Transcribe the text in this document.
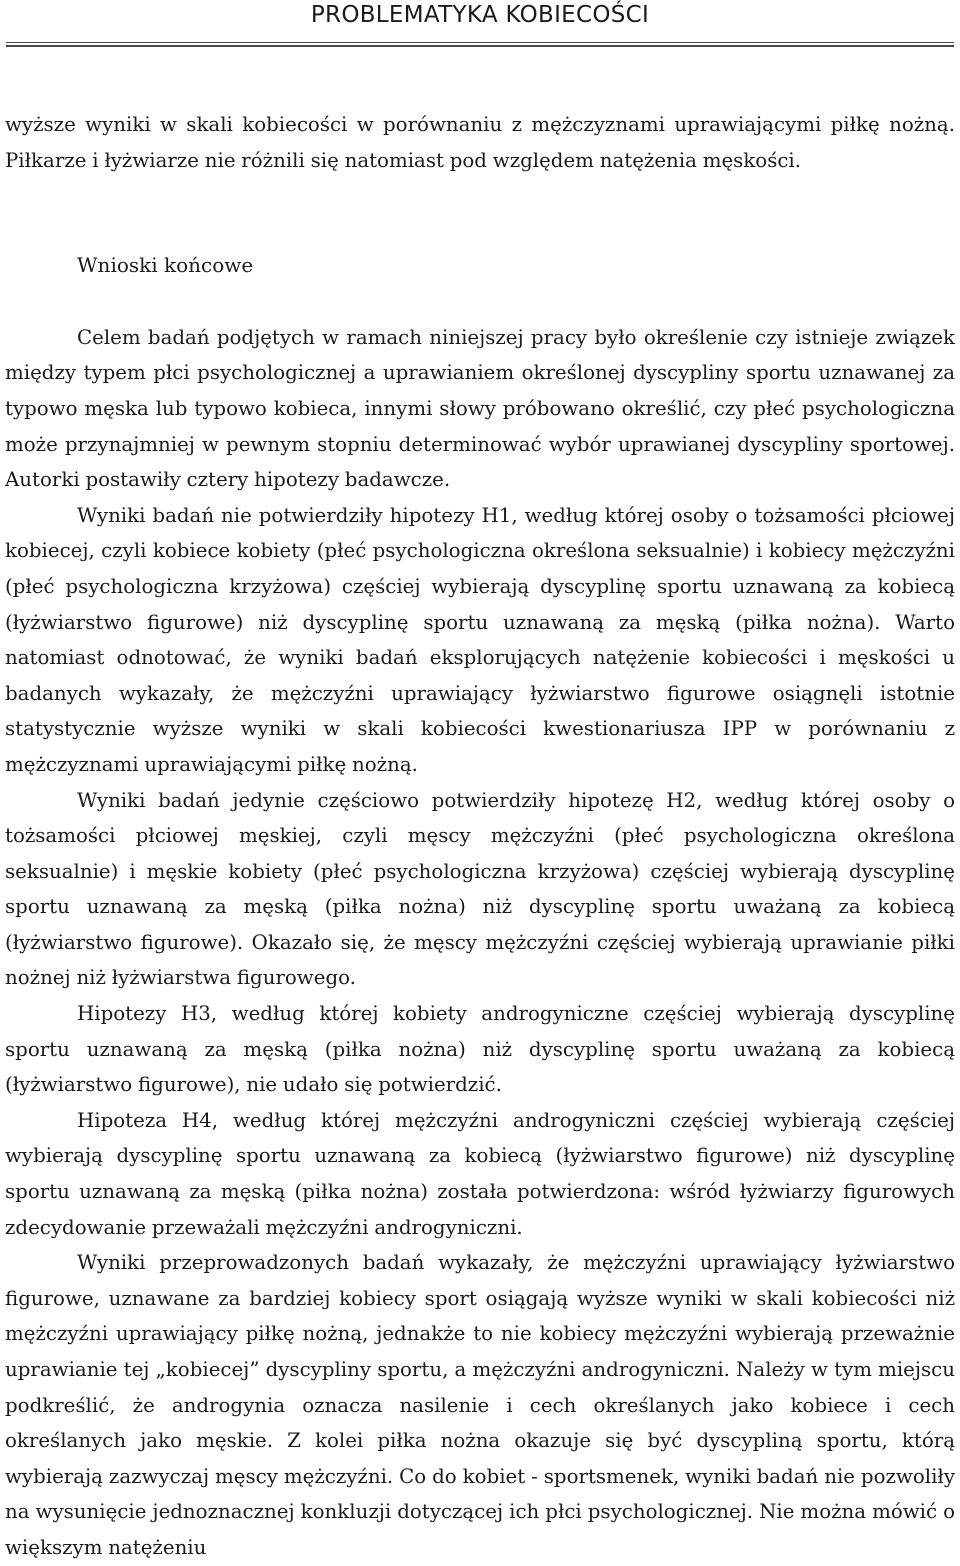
PROBLEMATYKA KOBIECOŚCI

wyższe wyniki w skali kobiecości w porównaniu z mężczyznami uprawiającymi piłkę nożną. Piłkarze i łyżwiarze nie różnili się natomiast pod względem natężenia męskości.

Wnioski końcowe

Celem badań podjętych w ramach niniejszej pracy było określenie czy istnieje związek między typem płci psychologicznej a uprawianiem określonej dyscypliny sportu uznawanej za typowo męska lub typowo kobieca, innymi słowy próbowano określić, czy płeć psychologiczna może przynajmniej w pewnym stopniu determinować wybór uprawianej dyscypliny sportowej. Autorki postawiły cztery hipotezy badawcze.

Wyniki badań nie potwierdziły hipotezy H1, według której osoby o tożsamości płciowej kobiecej, czyli kobiece kobiety (płeć psychologiczna określona seksualnie) i kobiecy mężczyźni (płeć psychologiczna krzyżowa) częściej wybierają dyscyplinę sportu uznawaną za kobiecą (łyżwiarstwo figurowe) niż dyscyplinę sportu uznawaną za męską (piłka nożna). Warto natomiast odnotować, że wyniki badań eksplorujących natężenie kobiecości i męskości u badanych wykazały, że mężczyźni uprawiający łyżwiarstwo figurowe osiągnęli istotnie statystycznie wyższe wyniki w skali kobiecości kwestionariusza IPP w porównaniu z mężczyznami uprawiającymi piłkę nożną.

Wyniki badań jedynie częściowo potwierdziły hipotezę H2, według której osoby o tożsamości płciowej męskiej, czyli męscy mężczyźni (płeć psychologiczna określona seksualnie) i męskie kobiety (płeć psychologiczna krzyżowa) częściej wybierają dyscyplinę sportu uznawaną za męską (piłka nożna) niż dyscyplinę sportu uważaną za kobiecą (łyżwiarstwo figurowe). Okazało się, że męscy mężczyźni częściej wybierają uprawianie piłki nożnej niż łyżwiarstwa figurowego.

Hipotezy H3, według której kobiety androgyniczne częściej wybierają dyscyplinę sportu uznawaną za męską (piłka nożna) niż dyscyplinę sportu uważaną za kobiecą (łyżwiarstwo figurowe), nie udało się potwierdzić.

Hipoteza H4, według której mężczyźni androgyniczni częściej wybierają częściej wybierają dyscyplinę sportu uznawaną za kobiecą (łyżwiarstwo figurowe) niż dyscyplinę sportu uznawaną za męską (piłka nożna) została potwierdzona: wśród łyżwiarzy figurowych zdecydowanie przeważali mężczyźni androgyniczni.

Wyniki przeprowadzonych badań wykazały, że mężczyźni uprawiający łyżwiarstwo figurowe, uznawane za bardziej kobiecy sport osiągają wyższe wyniki w skali kobiecości niż mężczyźni uprawiający piłkę nożną, jednakże to nie kobiecy mężczyźni wybierają przeważnie uprawianie tej „kobiecej” dyscypliny sportu, a mężczyźni androgyniczni. Należy w tym miejscu podkreślić, że androgynia oznacza nasilenie i cech określanych jako kobiece i cech określanych jako męskie. Z kolei piłka nożna okazuje się być dyscypliną sportu, którą wybierają zazwyczaj męscy mężczyźni. Co do kobiet - sportsmenek, wyniki badań nie pozwoliły na wysunięcie jednoznacznej konkluzji dotyczącej ich płci psychologicznej. Nie można mówić o większym natężeniu
